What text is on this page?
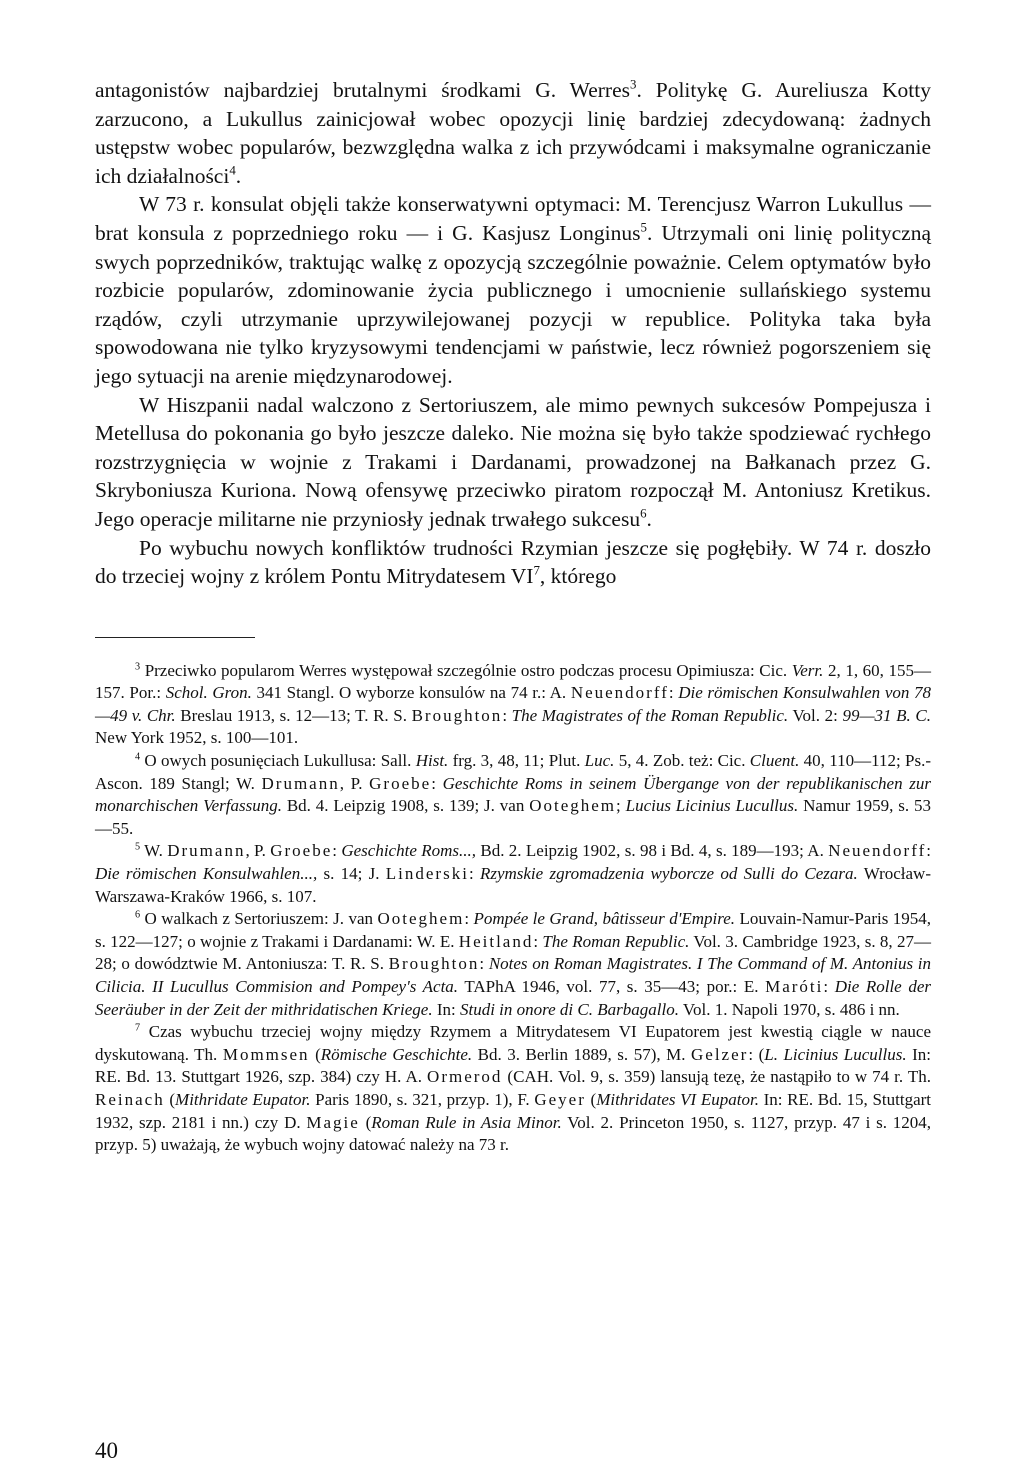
antagonistów najbardziej brutalnymi środkami G. Werres$^3$. Politykę G. Aureliusza Kotty zarzucono, a Lukullus zainicjował wobec opozycji linię bardziej zdecydowaną: żadnych ustępstw wobec popularów, bezwzględna walka z ich przywódcami i maksymalne ograniczanie ich działalności$^4$.

W 73 r. konsulat objęli także konserwatywni optymaci: M. Terencjusz Warron Lukullus — brat konsula z poprzedniego roku — i G. Kasjusz Longinus$^5$. Utrzymali oni linię polityczną swych poprzedników, traktując walkę z opozycją szczególnie poważnie. Celem optymatów było rozbicie popularów, zdominowanie życia publicznego i umocnienie sullańskiego systemu rządów, czyli utrzymanie uprzywilejowanej pozycji w republice. Polityka taka była spowodowana nie tylko kryzysowymi tendencjami w państwie, lecz również pogorszeniem się jego sytuacji na arenie międzynarodowej.

W Hiszpanii nadal walczono z Sertoriuszem, ale mimo pewnych sukcesów Pompejusza i Metellusa do pokonania go było jeszcze daleko. Nie można się było także spodziewać rychłego rozstrzygnięcia w wojnie z Trakami i Dardanami, prowadzonej na Bałkanach przez G. Skryboniusza Kuriona. Nową ofensywę przeciwko piratom rozpoczął M. Antoniusz Kretikus. Jego operacje militarne nie przyniosły jednak trwałego sukcesu$^6$.

Po wybuchu nowych konfliktów trudności Rzymian jeszcze się pogłębiły. W 74 r. doszło do trzeciej wojny z królem Pontu Mitrydatesem $VI^7$, którego

$^3$ Przeciwko popularom Werres występował szczególnie ostro podczas procesu Opimiusza: Cic. Verr. 2, 1, 60, 155—157. Por.: Schol. Gron. 341 Stangl. O wyborze konsulów na 74 r.: A. Neuendorff: Die römischen Konsulwahlen von 78—49 v. Chr. Breslau 1913, s. 12—13; T. R. S. Broughton: The Magistrates of the Roman Republic. Vol. 2: 99—31 B. C. New York 1952, s. 100—101.

$^4$ O owych posunięciach Lukullusa: Sall. Hist. frg. 3, 48, 11; Plut. Luc. 5, 4. Zob. też: Cic. Cluent. 40, 110—112; Ps.-Ascon. 189 Stangl; W. Drumann, P. Groebe: Geschichte Roms in seinem Übergange von der republikanischen zur monarchischen Verfassung. Bd. 4. Leipzig 1908, s. 139; J. van Ooteghem; Lucius Licinius Lucullus. Namur 1959, s. 53—55.

$^5$ W. Drumann, P. Groebe: Geschichte Roms..., Bd. 2. Leipzig 1902, s. 98 i Bd. 4, s. 189—193; A. Neuendorff: Die römischen Konsulwahlen..., s. 14; J. Linderski: Rzymskie zgromadzenia wyborcze od Sulli do Cezara. Wrocław-Warszawa-Kraków 1966, s. 107.

$^6$ O walkach z Sertoriuszem: J. van Ooteghem: Pompée le Grand, bâtisseur d'Empire. Louvain-Namur-Paris 1954, s. 122—127; o wojnie z Trakami i Dardanami: W. E. Heitland: The Roman Republic. Vol. 3. Cambridge 1923, s. 8, 27—28; o dowództwie M. Antoniusza: T. R. S. Broughton: Notes on Roman Magistrates. I The Command of M. Antonius in Cilicia. II Lucullus Commision and Pompey's Acta. TAPhA 1946, vol. 77, s. 35—43; por.: E. Maróti: Die Rolle der Seeräuber in der Zeit der mithridatischen Kriege. In: Studi in onore di C. Barbagallo. Vol. 1. Napoli 1970, s. 486 i nn.

$^7$ Czas wybuchu trzeciej wojny między Rzymem a Mitrydatesem VI Eupatorem jest kwestią ciągle w nauce dyskutowaną. Th. Mommsen (Römische Geschichte. Bd. 3. Berlin 1889, s. 57), M. Gelzer: (L. Licinius Lucullus. In: RE. Bd. 13. Stuttgart 1926, szp. 384) czy H. A. Ormerod (CAH. Vol. 9, s. 359) lansują tezę, że nastąpiło to w 74 r. Th. Reinach (Mithridate Eupator. Paris 1890, s. 321, przyp. 1), F. Geyer (Mithridates VI Eupator. In: RE. Bd. 15, Stuttgart 1932, szp. 2181 i nn.) czy D. Magie (Roman Rule in Asia Minor. Vol. 2. Princeton 1950, s. 1127, przyp. 47 i s. 1204, przyp. 5) uważają, że wybuch wojny datować należy na 73 r.

40
